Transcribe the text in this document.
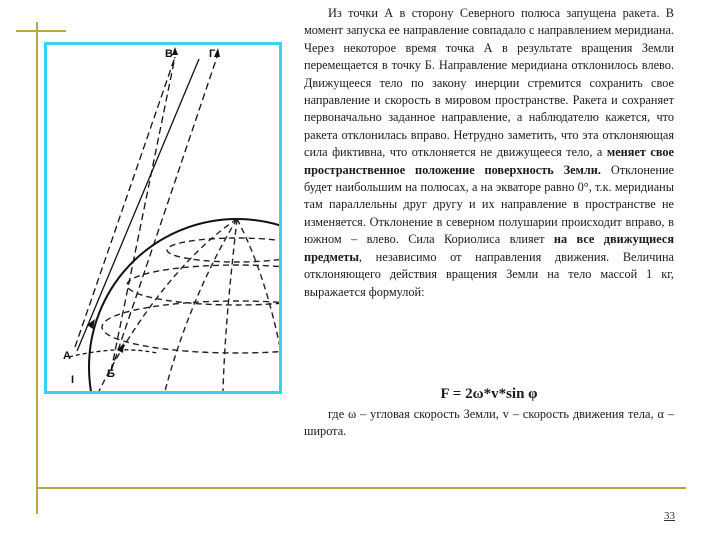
В	Г
А
Б
I

Из точки А в сторону Северного полюса запущена ракета. В момент запуска ее направление совпадало с направлением меридиана. Через некоторое время точка А в результате вращения Земли перемещается в точку Б. Направление меридиана отклонилось влево. Движущееся тело по закону инерции стремится сохранить свое направление и скорость в мировом пространстве. Ракета и сохраняет первоначально заданное направление, а наблюдателю кажется, что ракета отклонилась вправо. Нетрудно заметить, что эта отклоняющая сила фиктивна, что отклоняется не движущееся тело, а меняет свое пространственное положение поверхность Земли. Отклонение будет наибольшим на полюсах, а на экваторе равно 0°, т.к. меридианы там параллельны друг другу и их направление в пространстве не изменяется. Отклонение в северном полушарии происходит вправо, в южном – влево. Сила Кориолиса влияет на все движущиеся предметы, независимо от направления движения. Величина отклоняющего действия вращения Земли на тело массой 1 кг, выражается формулой:

F = 2ω*v*sin φ
где ω – угловая скорость Земли, v – скорость движения тела, α – широта.
33
